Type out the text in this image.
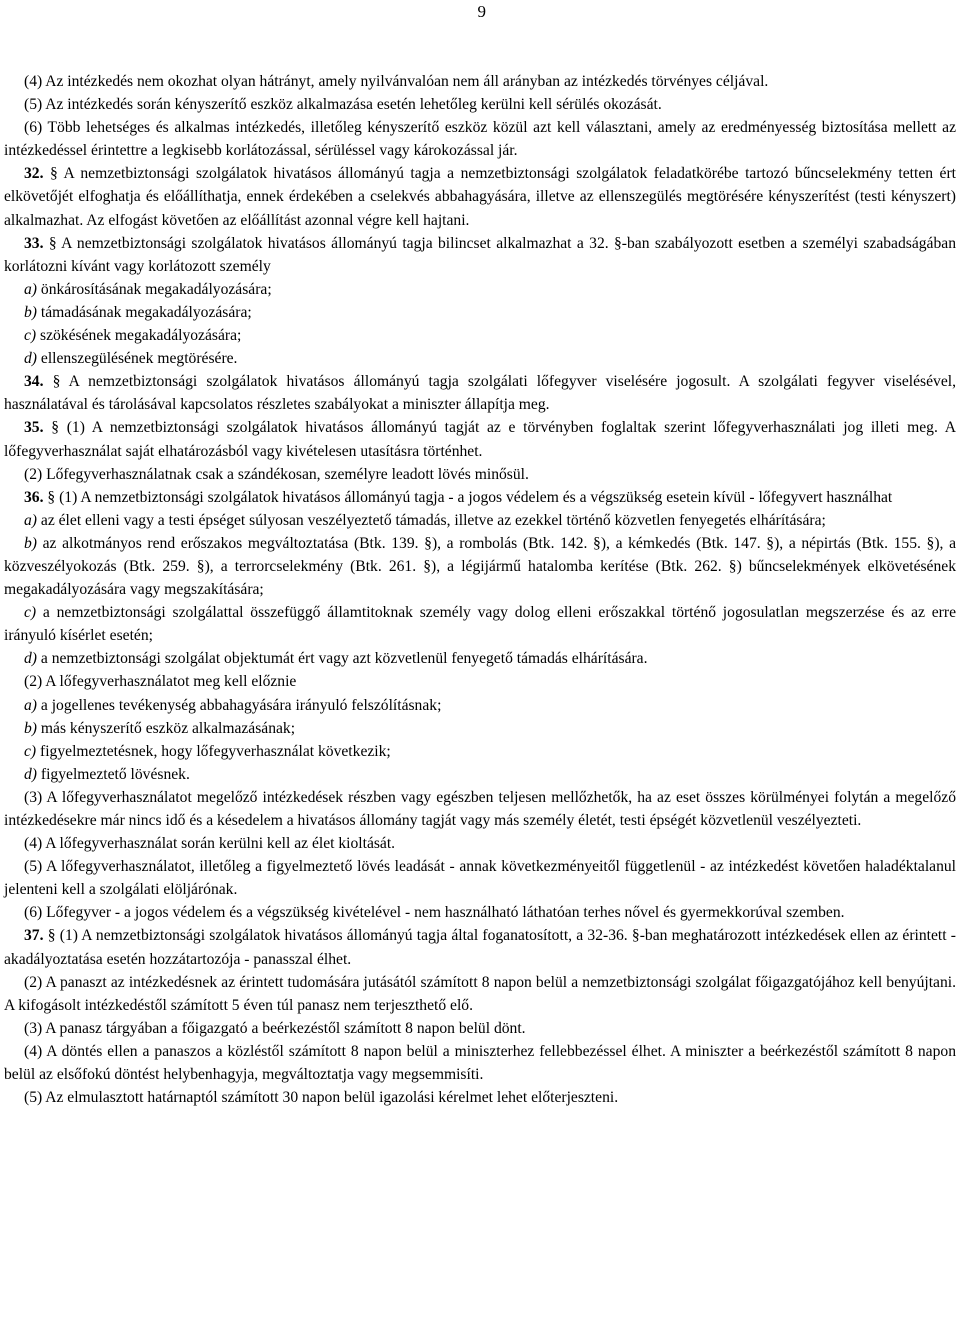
9

(4) Az intézkedés nem okozhat olyan hátrányt, amely nyilvánvalóan nem áll arányban az intézkedés törvényes céljával.

(5) Az intézkedés során kényszerítő eszköz alkalmazása esetén lehetőleg kerülni kell sérülés okozását.

(6) Több lehetséges és alkalmas intézkedés, illetőleg kényszerítő eszköz közül azt kell választani, amely az eredményesség biztosítása mellett az intézkedéssel érintettre a legkisebb korlátozással, sérüléssel vagy károkozással jár.

32. § A nemzetbiztonsági szolgálatok hivatásos állományú tagja a nemzetbiztonsági szolgálatok feladatkörébe tartozó bűncselekmény tetten ért elkövetőjét elfoghatja és előállíthatja, ennek érdekében a cselekvés abbahagyására, illetve az ellenszegülés megtörésére kényszerítést (testi kényszert) alkalmazhat. Az elfogást követően az előállítást azonnal végre kell hajtani.

33. § A nemzetbiztonsági szolgálatok hivatásos állományú tagja bilincset alkalmazhat a 32. §-ban szabályozott esetben a személyi szabadságában korlátozni kívánt vagy korlátozott személy

a) önkárosításának megakadályozására;

b) támadásának megakadályozására;

c) szökésének megakadályozására;

d) ellenszegülésének megtörésére.

34. § A nemzetbiztonsági szolgálatok hivatásos állományú tagja szolgálati lőfegyver viselésére jogosult. A szolgálati fegyver viselésével, használatával és tárolásával kapcsolatos részletes szabályokat a miniszter állapítja meg.

35. § (1) A nemzetbiztonsági szolgálatok hivatásos állományú tagját az e törvényben foglaltak szerint lőfegyverhasználati jog illeti meg. A lőfegyverhasználat saját elhatározásból vagy kivételesen utasításra történhet.

(2) Lőfegyverhasználatnak csak a szándékosan, személyre leadott lövés minősül.

36. § (1) A nemzetbiztonsági szolgálatok hivatásos állományú tagja - a jogos védelem és a végszükség esetein kívül - lőfegyvert használhat

a) az élet elleni vagy a testi épséget súlyosan veszélyeztető támadás, illetve az ezekkel történő közvetlen fenyegetés elhárítására;

b) az alkotmányos rend erőszakos megváltoztatása (Btk. 139. §), a rombolás (Btk. 142. §), a kémkedés (Btk. 147. §), a népirtás (Btk. 155. §), a közveszélyokozás (Btk. 259. §), a terrorcselekmény (Btk. 261. §), a légijármű hatalomba kerítése (Btk. 262. §) bűncselekmények elkövetésének megakadályozására vagy megszakítására;

c) a nemzetbiztonsági szolgálattal összefüggő államtitoknak személy vagy dolog elleni erőszakkal történő jogosulatlan megszerzése és az erre irányuló kísérlet esetén;

d) a nemzetbiztonsági szolgálat objektumát ért vagy azt közvetlenül fenyegető támadás elhárítására.

(2) A lőfegyverhasználatot meg kell előznie

a) a jogellenes tevékenység abbahagyására irányuló felszólításnak;

b) más kényszerítő eszköz alkalmazásának;

c) figyelmeztetésnek, hogy lőfegyverhasználat következik;

d) figyelmeztető lövésnek.

(3) A lőfegyverhasználatot megelőző intézkedések részben vagy egészben teljesen mellőzhetők, ha az eset összes körülményei folytán a megelőző intézkedésekre már nincs idő és a késedelem a hivatásos állomány tagját vagy más személy életét, testi épségét közvetlenül veszélyezteti.

(4) A lőfegyverhasználat során kerülni kell az élet kioltását.

(5) A lőfegyverhasználatot, illetőleg a figyelmeztető lövés leadását - annak következményeitől függetlenül - az intézkedést követően haladéktalanul jelenteni kell a szolgálati elöljárónak.

(6) Lőfegyver - a jogos védelem és a végszükség kivételével - nem használható láthatóan terhes nővel és gyermekkorúval szemben.

37. § (1) A nemzetbiztonsági szolgálatok hivatásos állományú tagja által foganatosított, a 32-36. §-ban meghatározott intézkedések ellen az érintett - akadályoztatása esetén hozzátartozója - panasszal élhet.

(2) A panaszt az intézkedésnek az érintett tudomására jutásától számított 8 napon belül a nemzetbiztonsági szolgálat főigazgatójához kell benyújtani. A kifogásolt intézkedéstől számított 5 éven túl panasz nem terjeszthető elő.

(3) A panasz tárgyában a főigazgató a beérkezéstől számított 8 napon belül dönt.

(4) A döntés ellen a panaszos a közléstől számított 8 napon belül a miniszterhez fellebbezéssel élhet. A miniszter a beérkezéstől számított 8 napon belül az elsőfokú döntést helybenhagyja, megváltoztatja vagy megsemmisíti.

(5) Az elmulasztott határnaptól számított 30 napon belül igazolási kérelmet lehet előterjeszteni.
